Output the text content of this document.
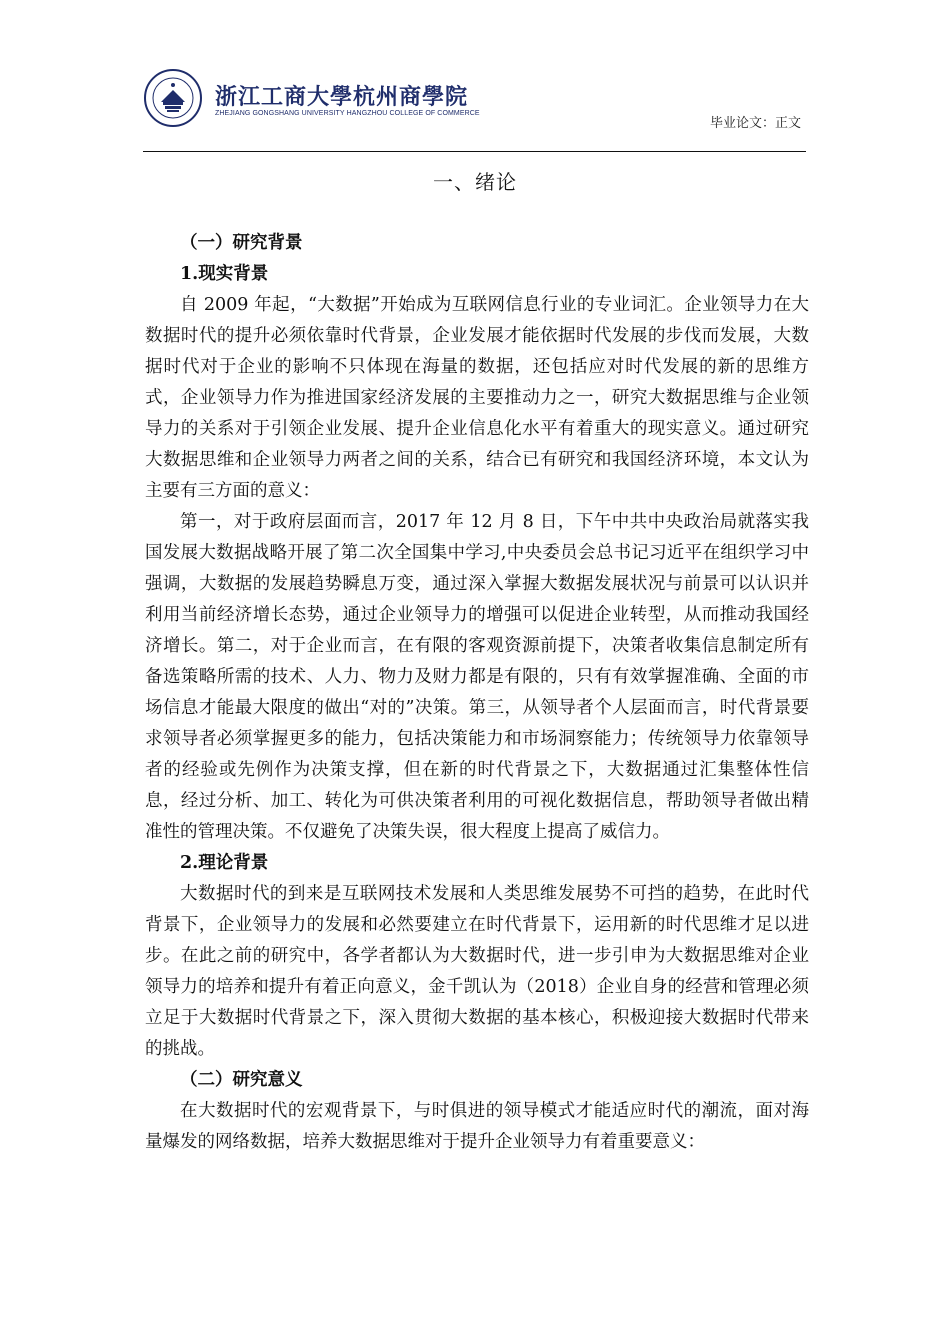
浙江工商大學杭州商學院
ZHEJIANG GONGSHANG UNIVERSITY HANGZHOU COLLEGE OF COMMERCE
毕业论文：正文
一、绪论
（一）研究背景
1.现实背景

自 2009 年起，“大数据”开始成为互联网信息行业的专业词汇。企业领导力在大数据时代的提升必须依靠时代背景，企业发展才能依据时代发展的步伐而发展，大数据时代对于企业的影响不只体现在海量的数据，还包括应对时代发展的新的思维方式，企业领导力作为推进国家经济发展的主要推动力之一，研究大数据思维与企业领导力的关系对于引领企业发展、提升企业信息化水平有着重大的现实意义。通过研究大数据思维和企业领导力两者之间的关系，结合已有研究和我国经济环境，本文认为主要有三方面的意义：

第一，对于政府层面而言，2017 年 12 月 8 日，下午中共中央政治局就落实我国发展大数据战略开展了第二次全国集中学习,中央委员会总书记习近平在组织学习中强调，大数据的发展趋势瞬息万变，通过深入掌握大数据发展状况与前景可以认识并利用当前经济增长态势，通过企业领导力的增强可以促进企业转型，从而推动我国经济增长。第二，对于企业而言，在有限的客观资源前提下，决策者收集信息制定所有备选策略所需的技术、人力、物力及财力都是有限的，只有有效掌握准确、全面的市场信息才能最大限度的做出“对的”决策。第三，从领导者个人层面而言，时代背景要求领导者必须掌握更多的能力，包括决策能力和市场洞察能力；传统领导力依靠领导者的经验或先例作为决策支撑，但在新的时代背景之下，大数据通过汇集整体性信息，经过分析、加工、转化为可供决策者利用的可视化数据信息，帮助领导者做出精准性的管理决策。不仅避免了决策失误，很大程度上提高了威信力。

2.理论背景

大数据时代的到来是互联网技术发展和人类思维发展势不可挡的趋势，在此时代背景下，企业领导力的发展和必然要建立在时代背景下，运用新的时代思维才足以进步。在此之前的研究中，各学者都认为大数据时代，进一步引申为大数据思维对企业领导力的培养和提升有着正向意义，金千凯认为（2018）企业自身的经营和管理必须立足于大数据时代背景之下，深入贯彻大数据的基本核心，积极迎接大数据时代带来的挑战。

（二）研究意义

在大数据时代的宏观背景下，与时俱进的领导模式才能适应时代的潮流，面对海量爆发的网络数据，培养大数据思维对于提升企业领导力有着重要意义：
